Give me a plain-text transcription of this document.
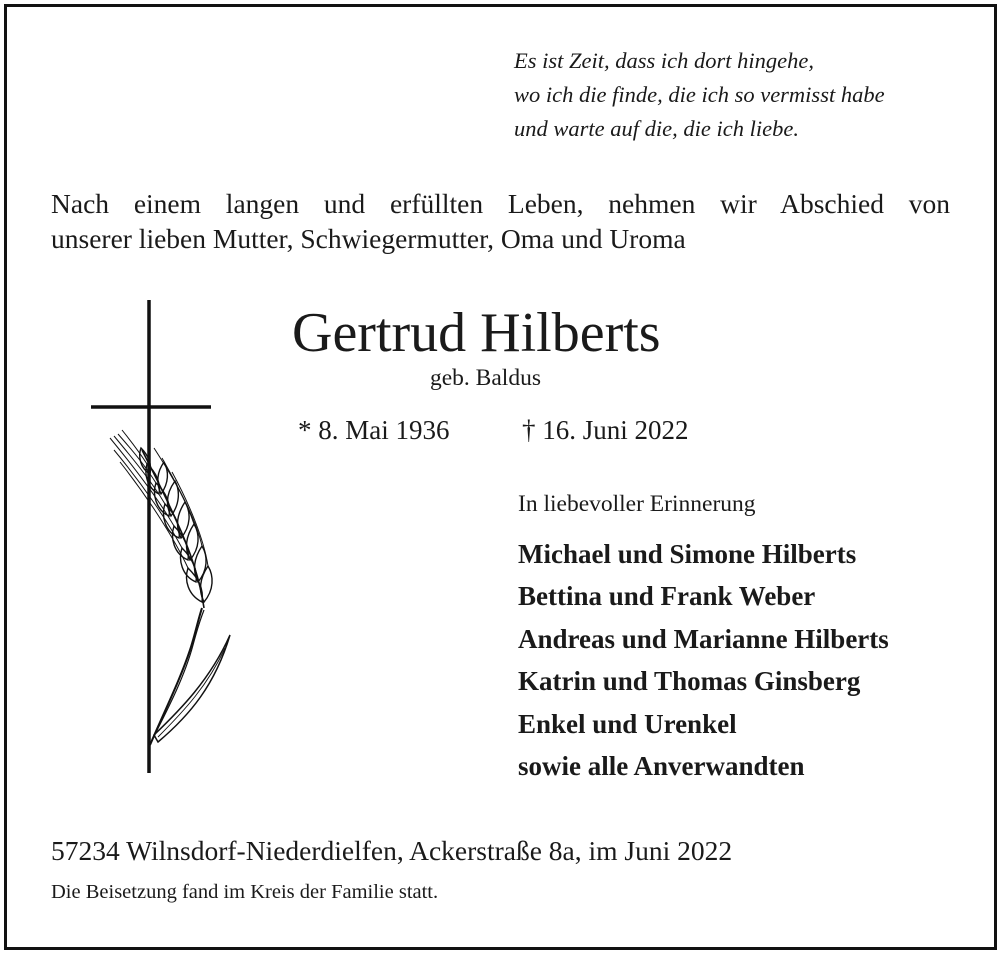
Es ist Zeit, dass ich dort hingehe,
wo ich die finde, die ich so vermisst habe
und warte auf die, die ich liebe.
Nach einem langen und erfüllten Leben, nehmen wir Abschied von
unserer lieben Mutter, Schwiegermutter, Oma und Uroma
Gertrud Hilberts
geb. Baldus
* 8. Mai 1936	† 16. Juni 2022
In liebevoller Erinnerung
Michael und Simone Hilberts
Bettina und Frank Weber
Andreas und Marianne Hilberts
Katrin und Thomas Ginsberg
Enkel und Urenkel
sowie alle Anverwandten
57234 Wilnsdorf-Niederdielfen, Ackerstraße 8a, im Juni 2022
Die Beisetzung fand im Kreis der Familie statt.
